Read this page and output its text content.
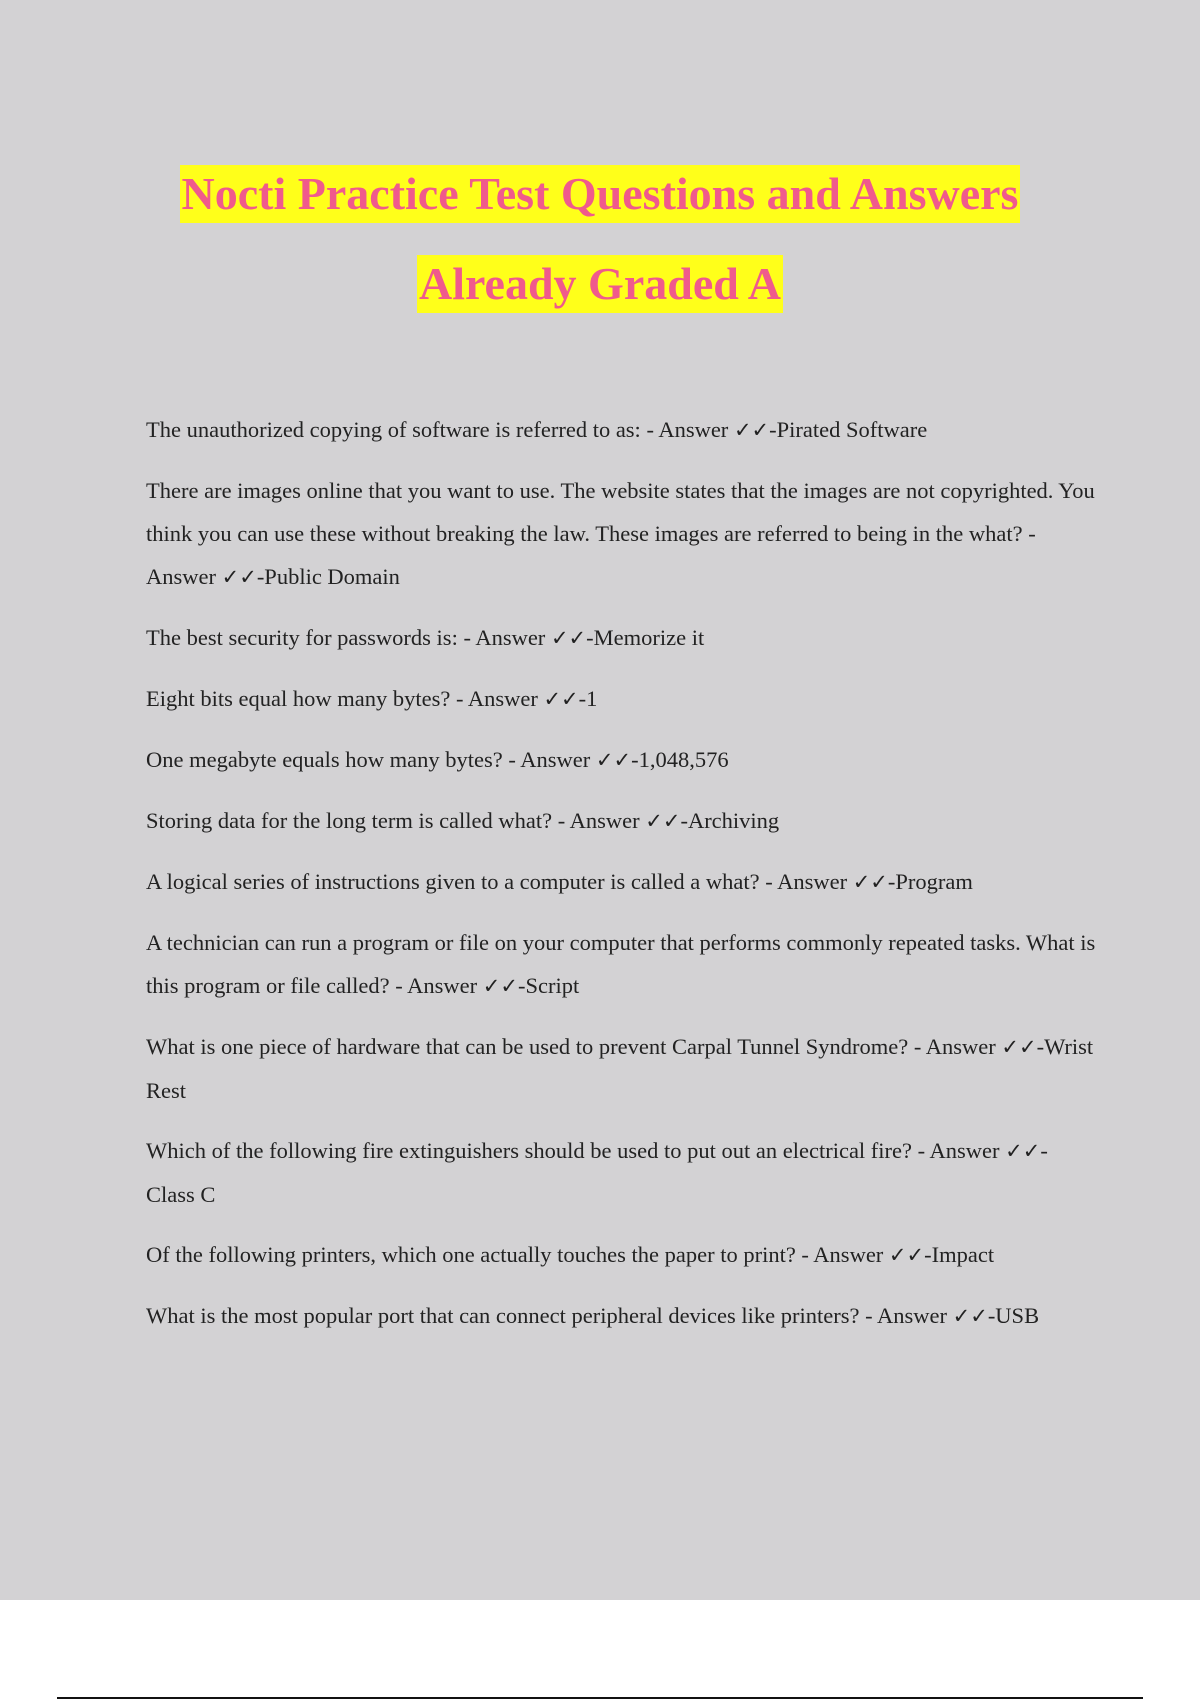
Nocti Practice Test Questions and Answers
Already Graded A

The unauthorized copying of software is referred to as: - Answer ✓✓-Pirated Software

There are images online that you want to use. The website states that the images are not copyrighted. You think you can use these without breaking the law. These images are referred to being in the what? - Answer ✓✓-Public Domain

The best security for passwords is: - Answer ✓✓-Memorize it

Eight bits equal how many bytes? - Answer ✓✓-1

One megabyte equals how many bytes? - Answer ✓✓-1,048,576

Storing data for the long term is called what? - Answer ✓✓-Archiving

A logical series of instructions given to a computer is called a what? - Answer ✓✓-Program

A technician can run a program or file on your computer that performs commonly repeated tasks. What is this program or file called? - Answer ✓✓-Script

What is one piece of hardware that can be used to prevent Carpal Tunnel Syndrome? - Answer ✓✓-Wrist Rest

Which of the following fire extinguishers should be used to put out an electrical fire? - Answer ✓✓-Class C

Of the following printers, which one actually touches the paper to print? - Answer ✓✓-Impact

What is the most popular port that can connect peripheral devices like printers? - Answer ✓✓-USB
